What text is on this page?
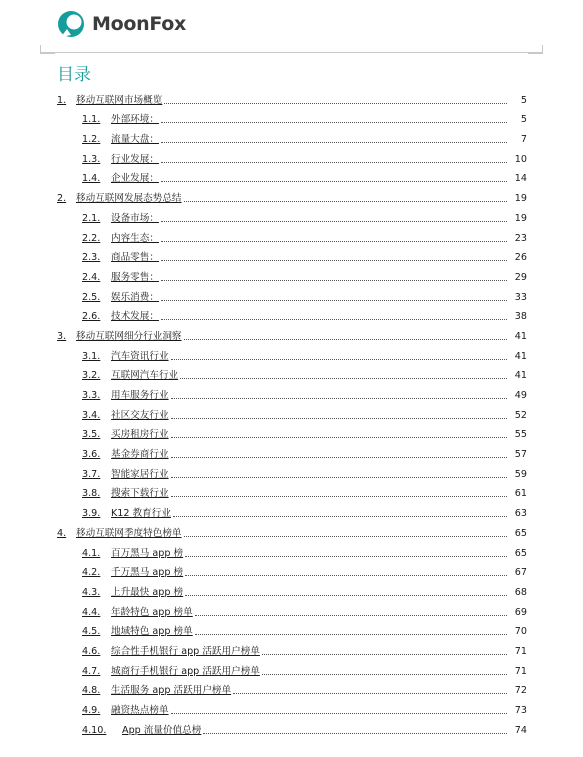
MoonFox
目录
1.	移动互联网市场概览	5
1.1.	外部环境：	5
1.2.	流量大盘：	7
1.3.	行业发展：	10
1.4.	企业发展：	14
2.	移动互联网发展态势总结	19
2.1.	设备市场：	19
2.2.	内容生态：	23
2.3.	商品零售：	26
2.4.	服务零售：	29
2.5.	娱乐消费：	33
2.6.	技术发展：	38
3.	移动互联网细分行业洞察	41
3.1.	汽车资讯行业	41
3.2.	互联网汽车行业	41
3.3.	用车服务行业	49
3.4.	社区交友行业	52
3.5.	买房租房行业	55
3.6.	基金券商行业	57
3.7.	智能家居行业	59
3.8.	搜索下载行业	61
3.9.	K12 教育行业	63
4.	移动互联网季度特色榜单	65
4.1.	百万黑马 app 榜	65
4.2.	千万黑马 app 榜	67
4.3.	上升最快 app 榜	68
4.4.	年龄特色 app 榜单	69
4.5.	地域特色 app 榜单	70
4.6.	综合性手机银行 app 活跃用户榜单	71
4.7.	城商行手机银行 app 活跃用户榜单	71
4.8.	生活服务 app 活跃用户榜单	72
4.9.	融资热点榜单	73
4.10.	App 流量价值总榜	74
